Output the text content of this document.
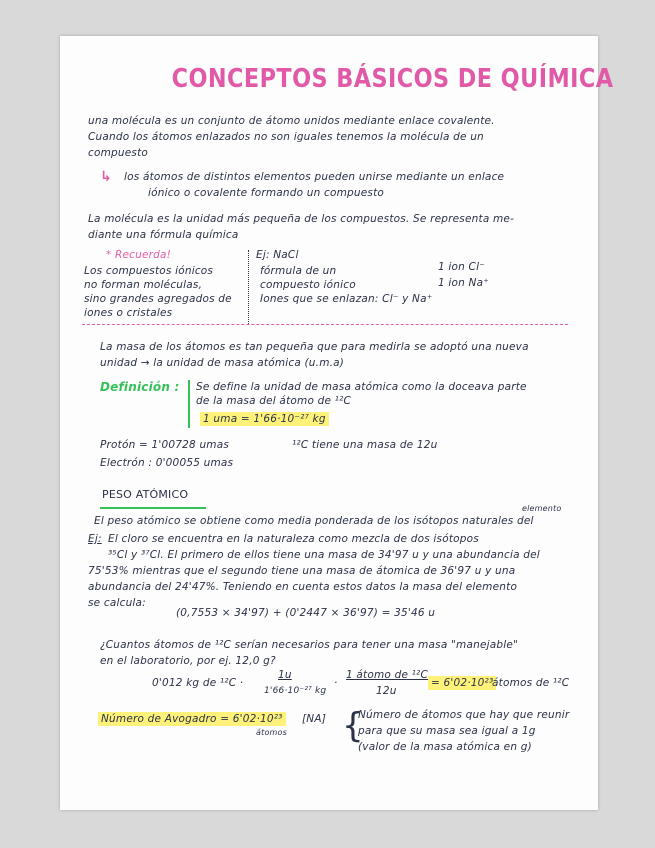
CONCEPTOS BÁSICOS DE QUÍMICA
una molécula es un conjunto de átomo unidos mediante enlace covalente.
Cuando los átomos enlazados no son iguales tenemos la molécula de un
compuesto
↳ los átomos de distintos elementos pueden unirse mediante un enlace
iónico o covalente formando un compuesto
La molécula es la unidad más pequeña de los compuestos. Se representa me-
diante una fórmula química
* Recuerda!
Los compuestos iónicos
no forman moléculas,
sino grandes agregados de
iones o cristales
Ej: NaCl
fórmula de un
compuesto iónico
Iones que se enlazan: Cl⁻ y Na⁺
1 ion Cl⁻
1 ion Na⁺
La masa de los átomos es tan pequeña que para medirla se adoptó una nueva
unidad → la unidad de masa atómica (u.m.a)
Definición : Se define la unidad de masa atómica como la doceava parte
de la masa del átomo de ¹²C
1 uma = 1'66·10⁻²⁷ kg
Protón = 1'00728 umas
Electrón : 0'00055 umas
¹²C tiene una masa de 12u
PESO ATÓMICO
El peso atómico se obtiene como media ponderada de los isótopos naturales del
elemento
Ej: El cloro se encuentra en la naturaleza como mezcla de dos isótopos
³⁵Cl y ³⁷Cl. El primero de ellos tiene una masa de 34'97 u y una abundancia del
75'53% mientras que el segundo tiene una masa de átomica de 36'97 u y una
abundancia del 24'47%. Teniendo en cuenta estos datos la masa del elemento
se calcula:
(0,7553 × 34'97) + (0'2447 × 36'97) = 35'46 u
¿Cuantos átomos de ¹²C serían necesarios para tener una masa "manejable"
en el laboratorio, por ej. 12,0 g?
0'012 kg de ¹²C ·
1u
1'66·10⁻²⁷ kg
·
1 átomo de ¹²C
12u
= 6'02·10²³
átomos de ¹²C
Número de Avogadro = 6'02·10²³
átomos
[NA] {
Número de átomos que hay que reunir
para que su masa sea igual a 1g
(valor de la masa atómica en g)
